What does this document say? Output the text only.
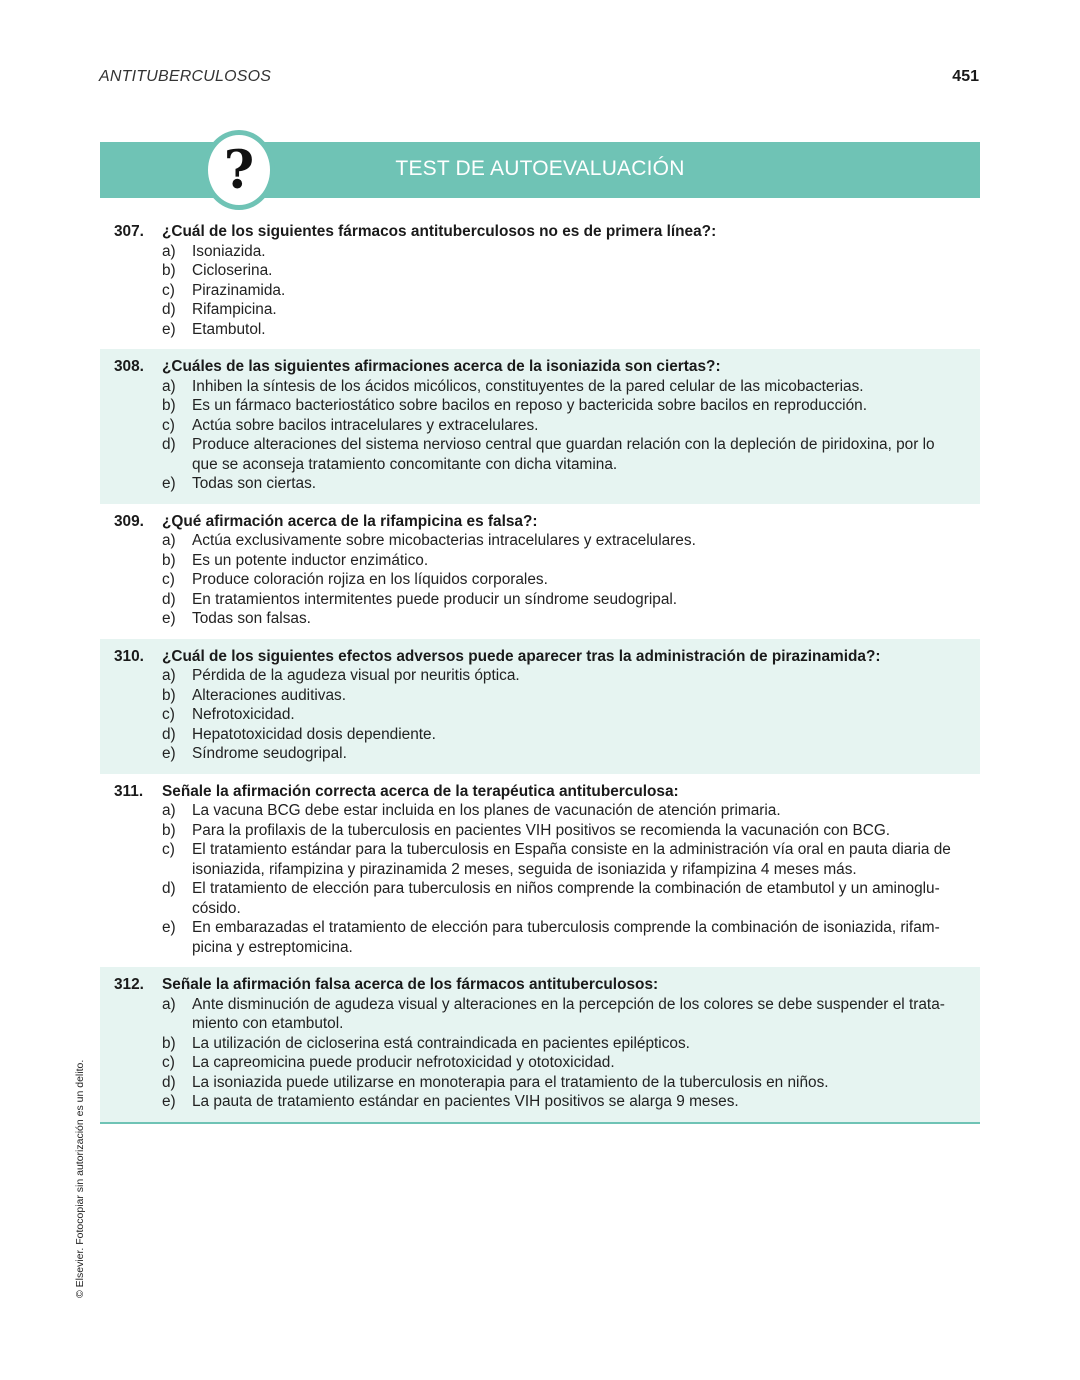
ANTITUBERCULOSOS	451
TEST DE AUTOEVALUACIÓN
?
307.	¿Cuál de los siguientes fármacos antituberculosos no es de primera línea?:
a)	Isoniazida.
b)	Cicloserina.
c)	Pirazinamida.
d)	Rifampicina.
e)	Etambutol.
308.	¿Cuáles de las siguientes afirmaciones acerca de la isoniazida son ciertas?:
a)	Inhiben la síntesis de los ácidos micólicos, constituyentes de la pared celular de las micobacterias.
b)	Es un fármaco bacteriostático sobre bacilos en reposo y bactericida sobre bacilos en reproducción.
c)	Actúa sobre bacilos intracelulares y extracelulares.
d)	Produce alteraciones del sistema nervioso central que guardan relación con la depleción de piridoxina, por lo que se aconseja tratamiento concomitante con dicha vitamina.
e)	Todas son ciertas.
309.	¿Qué afirmación acerca de la rifampicina es falsa?:
a)	Actúa exclusivamente sobre micobacterias intracelulares y extracelulares.
b)	Es un potente inductor enzimático.
c)	Produce coloración rojiza en los líquidos corporales.
d)	En tratamientos intermitentes puede producir un síndrome seudogripal.
e)	Todas son falsas.
310.	¿Cuál de los siguientes efectos adversos puede aparecer tras la administración de pirazinamida?:
a)	Pérdida de la agudeza visual por neuritis óptica.
b)	Alteraciones auditivas.
c)	Nefrotoxicidad.
d)	Hepatotoxicidad dosis dependiente.
e)	Síndrome seudogripal.
311.	Señale la afirmación correcta acerca de la terapéutica antituberculosa:
a)	La vacuna BCG debe estar incluida en los planes de vacunación de atención primaria.
b)	Para la profilaxis de la tuberculosis en pacientes VIH positivos se recomienda la vacunación con BCG.
c)	El tratamiento estándar para la tuberculosis en España consiste en la administración vía oral en pauta diaria de isoniazida, rifampizina y pirazinamida 2 meses, seguida de isoniazida y rifampizina 4 meses más.
d)	El tratamiento de elección para tuberculosis en niños comprende la combinación de etambutol y un aminoglu-cósido.
e)	En embarazadas el tratamiento de elección para tuberculosis comprende la combinación de isoniazida, rifam-picina y estreptomicina.
312.	Señale la afirmación falsa acerca de los fármacos antituberculosos:
a)	Ante disminución de agudeza visual y alteraciones en la percepción de los colores se debe suspender el trata-miento con etambutol.
b)	La utilización de cicloserina está contraindicada en pacientes epilépticos.
c)	La capreomicina puede producir nefrotoxicidad y ototoxicidad.
d)	La isoniazida puede utilizarse en monoterapia para el tratamiento de la tuberculosis en niños.
e)	La pauta de tratamiento estándar en pacientes VIH positivos se alarga 9 meses.
© Elsevier. Fotocopiar sin autorización es un delito.
